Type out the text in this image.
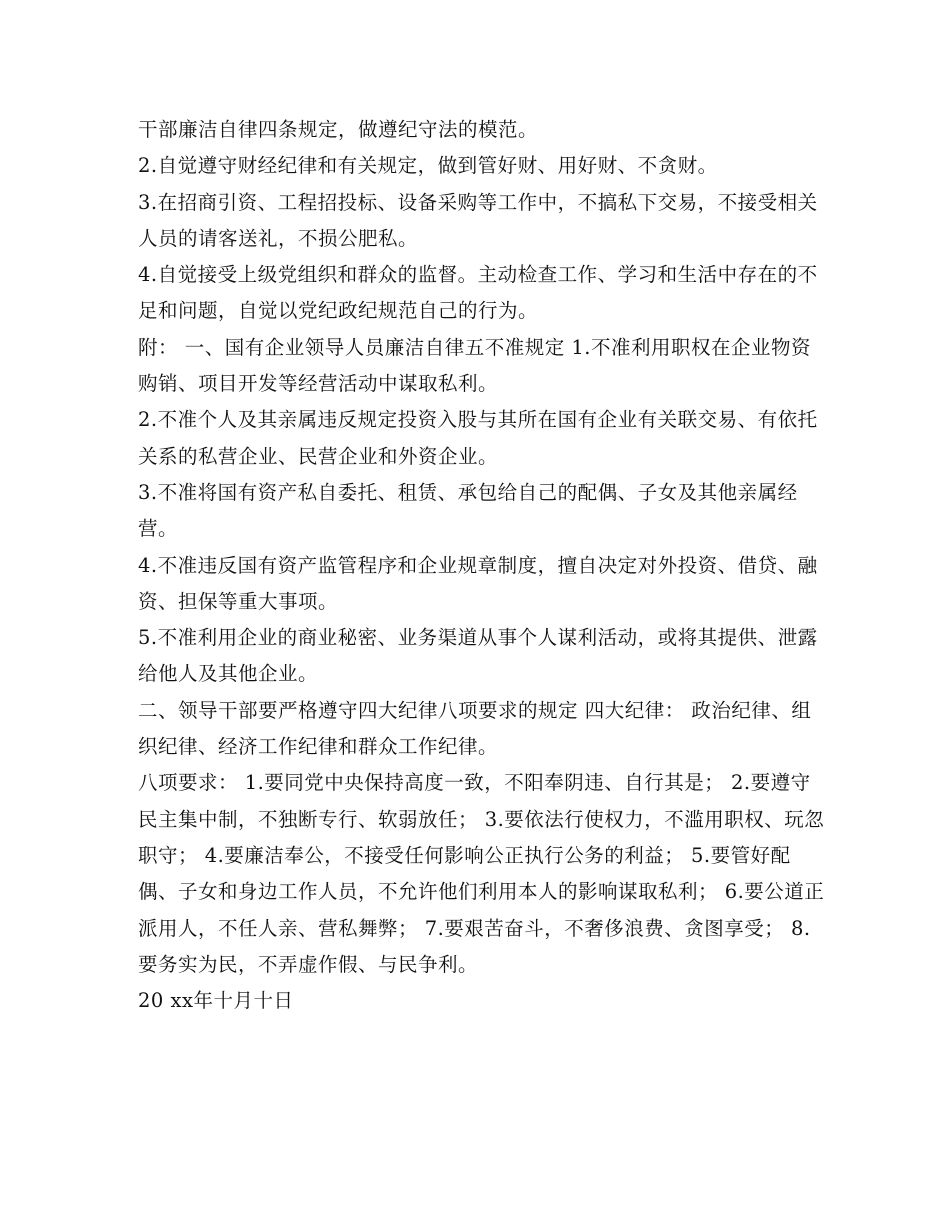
干部廉洁自律四条规定，做遵纪守法的模范。

2.自觉遵守财经纪律和有关规定，做到管好财、用好财、不贪财。

3.在招商引资、工程招投标、设备采购等工作中，不搞私下交易，不接受相关人员的请客送礼，不损公肥私。

4.自觉接受上级党组织和群众的监督。主动检查工作、学习和生活中存在的不足和问题，自觉以党纪政纪规范自己的行为。

附： 一、国有企业领导人员廉洁自律五不准规定 1.不准利用职权在企业物资购销、项目开发等经营活动中谋取私利。

2.不准个人及其亲属违反规定投资入股与其所在国有企业有关联交易、有依托关系的私营企业、民营企业和外资企业。

3.不准将国有资产私自委托、租赁、承包给自己的配偶、子女及其他亲属经营。

4.不准违反国有资产监管程序和企业规章制度，擅自决定对外投资、借贷、融资、担保等重大事项。

5.不准利用企业的商业秘密、业务渠道从事个人谋利活动，或将其提供、泄露给他人及其他企业。

二、领导干部要严格遵守四大纪律八项要求的规定 四大纪律： 政治纪律、组织纪律、经济工作纪律和群众工作纪律。

八项要求： 1.要同党中央保持高度一致，不阳奉阴违、自行其是； 2.要遵守民主集中制，不独断专行、软弱放任； 3.要依法行使权力，不滥用职权、玩忽职守； 4.要廉洁奉公，不接受任何影响公正执行公务的利益； 5.要管好配偶、子女和身边工作人员，不允许他们利用本人的影响谋取私利； 6.要公道正派用人，不任人亲、营私舞弊； 7.要艰苦奋斗，不奢侈浪费、贪图享受； 8.要务实为民，不弄虚作假、与民争利。

20 xx年十月十日
